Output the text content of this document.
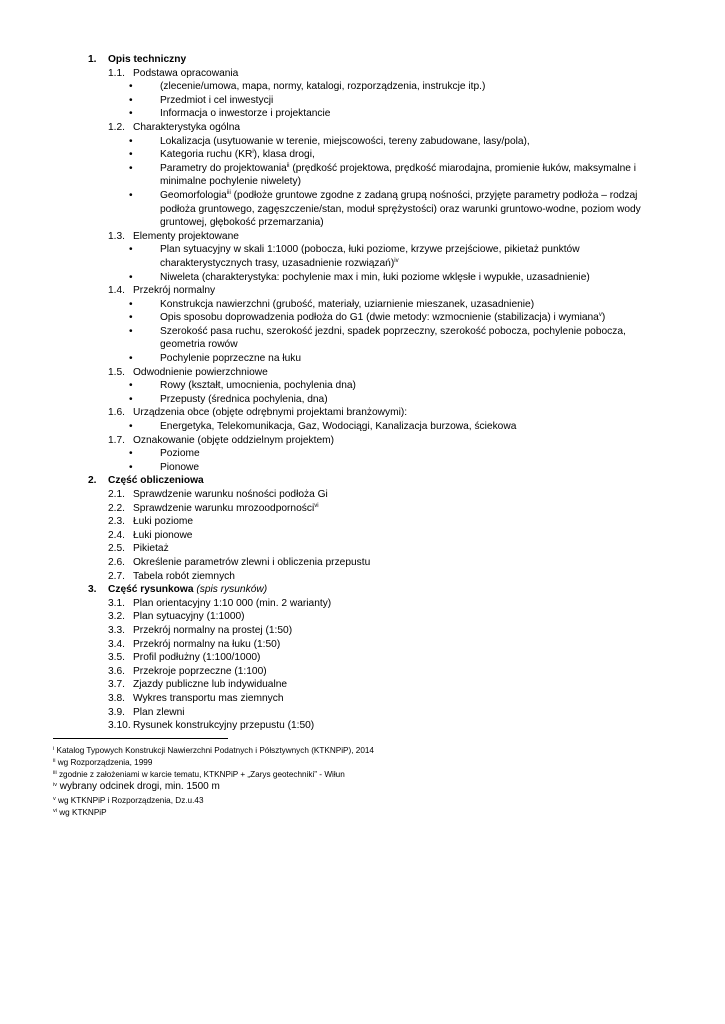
1.	Opis techniczny
1.1. Podstawa opracowania
•	(zlecenie/umowa, mapa, normy, katalogi, rozporządzenia, instrukcje itp.)
•	Przedmiot i cel inwestycji
•	Informacja o inwestorze i projektancie
1.2. Charakterystyka ogólna
•	Lokalizacja (usytuowanie w terenie, miejscowości, tereny zabudowane, lasy/pola),
•	Kategoria ruchu $(KR^i)$, klasa drogi,
•	Parametry do projektowania$^{ii}$ (prędkość projektowa, prędkość miarodajna, promienie łuków, maksymalne i minimalne pochylenie niwelety)
•	Geomorfologia$^{iii}$ (podłoże gruntowe zgodne z zadaną grupą nośności, przyjęte parametry podłoża – rodzaj podłoża gruntowego, zagęszczenie/stan, moduł sprężystości) oraz warunki gruntowo-wodne, poziom wody gruntowej, głębokość przemarzania)
1.3. Elementy projektowane
•	Plan sytuacyjny w skali 1:1000 (pobocza, łuki poziome, krzywe przejściowe, pikietaż punktów charakterystycznych trasy, uzasadnienie rozwiązań)$^{iv}$
•	Niweleta (charakterystyka: pochylenie max i min, łuki poziome wklęsłe i wypukłe, uzasadnienie)
1.4. Przekrój normalny
•	Konstrukcja nawierzchni (grubość, materiały, uziarnienie mieszanek, uzasadnienie)
•	Opis sposobu doprowadzenia podłoża do G1 (dwie metody: wzmocnienie (stabilizacja) i wymiana$^v$)
•	Szerokość pasa ruchu, szerokość jezdni, spadek poprzeczny, szerokość pobocza, pochylenie pobocza, geometria rowów
•	Pochylenie poprzeczne na łuku
1.5. Odwodnienie powierzchniowe
•	Rowy (kształt, umocnienia, pochylenia dna)
•	Przepusty (średnica pochylenia, dna)
1.6. Urządzenia obce (objęte odrębnymi projektami branżowymi):
•	Energetyka, Telekomunikacja, Gaz, Wodociągi, Kanalizacja burzowa, ściekowa
1.7. Oznakowanie (objęte oddzielnym projektem)
•	Poziome
•	Pionowe
2.	Część obliczeniowa
2.1. Sprawdzenie warunku nośności podłoża Gi
2.2. Sprawdzenie warunku mrozoodporności$^{vi}$
2.3. Łuki poziome
2.4. Łuki pionowe
2.5. Pikietaż
2.6. Określenie parametrów zlewni i obliczenia przepustu
2.7. Tabela robót ziemnych
3.	Część rysunkowa (spis rysunków)
3.1. Plan orientacyjny 1:10 000 (min. 2 warianty)
3.2. Plan sytuacyjny (1:1000)
3.3. Przekrój normalny na prostej (1:50)
3.4. Przekrój normalny na łuku (1:50)
3.5. Profil podłużny (1:100/1000)
3.6. Przekroje poprzeczne (1:100)
3.7. Zjazdy publiczne lub indywidualne
3.8. Wykres transportu mas ziemnych
3.9. Plan zlewni
3.10. Rysunek konstrukcyjny przepustu (1:50)
$^i$ Katalog Typowych Konstrukcji Nawierzchni Podatnych i Półsztywnych (KTKNPiP), 2014
$^{ii}$ wg Rozporządzenia, 1999
$^{iii}$ zgodnie z założeniami w karcie tematu, KTKNPiP + „Zarys geotechniki” - Wiłun
$^{iv}$ wybrany odcinek drogi, min. 1500 m
$^v$ wg KTKNPiP i Rozporządzenia, Dz.u.43
$^{vi}$ wg KTKNPiP
